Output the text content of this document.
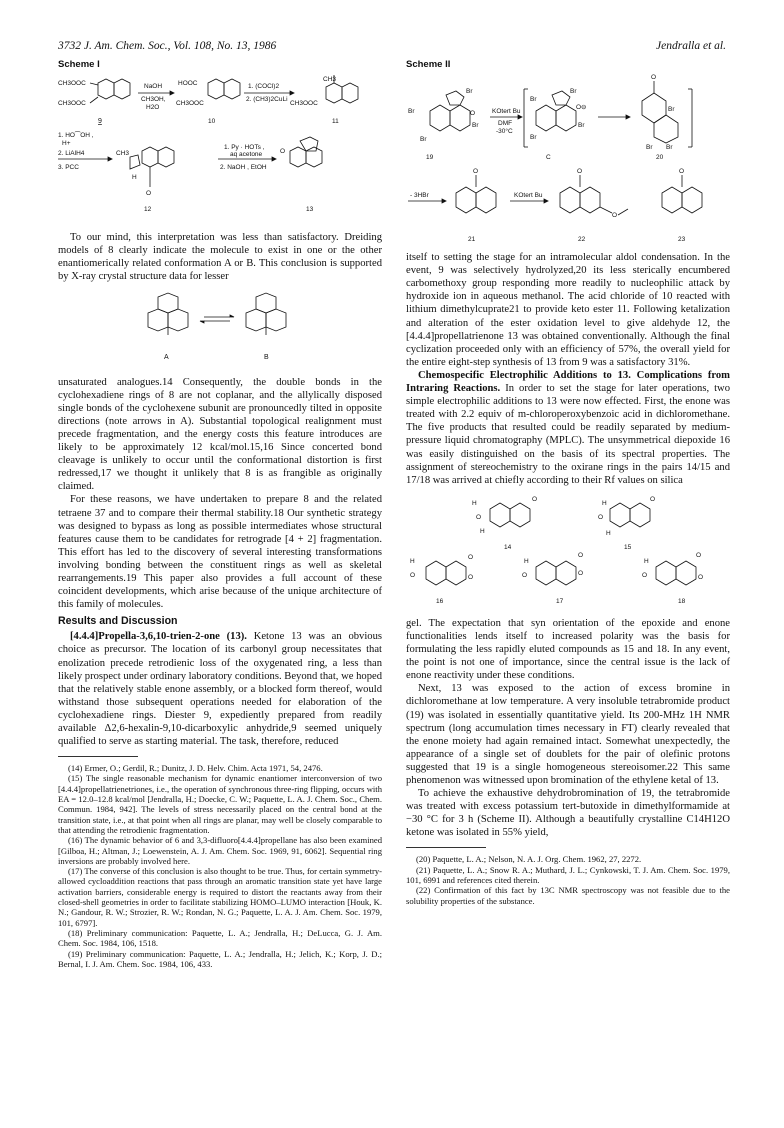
3732 J. Am. Chem. Soc., Vol. 108, No. 13, 1986	Jendralla et al.
Scheme I
CH3OOC
CH3OOC
NaOH
CH3OH,
H2O
HOOC
CH3OOC
1. (COCl)2
2. (CH3)2CuLi
CH3
CH3OOC
9	10	11
1. HO⁀OH ,
H+
2. LiAlH4
3. PCC
CH3
H
O
1. Py · HOTs ,
aq acetone
2. NaOH , EtOH
O
12	13

To our mind, this interpretation was less than satisfactory. Dreiding models of 8 clearly indicate the molecule to exist in one or the other enantiomerically related conformation A or B. This conclusion is supported by X-ray crystal structure data for lesser

A	B

unsaturated analogues.14 Consequently, the double bonds in the cyclohexadiene rings of 8 are not coplanar, and the allylically disposed single bonds of the cyclohexene subunit are pronouncedly tilted in opposite directions (note arrows in A). Substantial topological realignment must precede fragmentation, and the energy costs this feature introduces are likely to be approximately 12 kcal/mol.15,16 Since concerted bond cleavage is unlikely to occur until the conformational distortion is first redressed,17 we thought it unlikely that 8 is as frangible as originally claimed.

For these reasons, we have undertaken to prepare 8 and the related tetraene 37 and to compare their thermal stability.18 Our synthetic strategy was designed to bypass as long as possible intermediates whose structural features cause them to be candidates for retrograde [4 + 2] fragmentation. This effort has led to the discovery of several interesting transformations involving bonding between the constituent rings as well as skeletal rearrangements.19 This paper also provides a full account of these coincident developments, which arise because of the unique architecture of this family of molecules.

Results and Discussion

[4.4.4]Propella-3,6,10-trien-2-one (13). Ketone 13 was an obvious choice as precursor. The location of its carbonyl group necessitates that enolization precede retrodienic loss of the oxygenated ring, a less than likely prospect under ordinary laboratory conditions. Beyond that, we hoped that the relatively stable enone assembly, or a blocked form thereof, would withstand those subsequent operations needed for elaboration of the cyclohexadiene rings. Diester 9, expediently prepared from readily available Δ2,6-hexalin-9,10-dicarboxylic anhydride,9 seemed uniquely qualified to serve as starting material. The task, therefore, reduced

(14) Ermer, O.; Gerdil, R.; Dunitz, J. D. Helv. Chim. Acta 1971, 54, 2476.

(15) The single reasonable mechanism for dynamic enantiomer interconversion of two [4.4.4]propellatrienetriones, i.e., the operation of synchronous three-ring flipping, occurs with EA = 12.0–12.8 kcal/mol [Jendralla, H.; Doecke, C. W.; Paquette, L. A. J. Chem. Soc., Chem. Commun. 1984, 942]. The levels of stress necessarily placed on the central bond at the transition state, i.e., at that point when all rings are planar, may well be closely comparable to that attending the retrodienic fragmentation.

(16) The dynamic behavior of 6 and 3,3-difluoro[4.4.4]propellane has also been examined [Gilboa, H.; Altman, J.; Loewenstein, A. J. Am. Chem. Soc. 1969, 91, 6062]. Sequential ring inversions are probably involved here.

(17) The converse of this conclusion is also thought to be true. Thus, for certain symmetry-allowed cycloaddition reactions that pass through an aromatic transition state yet have large activation barriers, considerable energy is required to distort the reactants away from their closed-shell geometries in order to facilitate stabilizing HOMO–LUMO interaction [Houk, K. N.; Gandour, R. W.; Strozier, R. W.; Rondan, N. G.; Paquette, L. A. J. Am. Chem. Soc. 1979, 101, 6797].

(18) Preliminary communication: Paquette, L. A.; Jendralla, H.; DeLucca, G. J. Am. Chem. Soc. 1984, 106, 1518.

(19) Preliminary communication: Paquette, L. A.; Jendralla, H.; Jelich, K.; Korp, J. D.; Bernal, I. J. Am. Chem. Soc. 1984, 106, 433.

Scheme II
Br
Br
Br
Br
O	KOtert Bu
DMF
-30°C
Br
Br
Br
Br
O⊖
O
Br
Br Br
19	C	20
- 3HBr
O
KOtert Bu
O
O
O
21	22	23

itself to setting the stage for an intramolecular aldol condensation. In the event, 9 was selectively hydrolyzed,20 its less sterically encumbered carbomethoxy group responding more readily to nucleophilic attack by hydroxide ion in aqueous methanol. The acid chloride of 10 reacted with lithium dimethylcuprate21 to provide keto ester 11. Following ketalization and alteration of the ester oxidation level to give aldehyde 12, the [4.4.4]propellatrienone 13 was obtained conventionally. Although the final cyclization proceeded only with an efficiency of 57%, the overall yield for the entire eight-step synthesis of 13 from 9 was a satisfactory 31%.

Chemospecific Electrophilic Additions to 13. Complications from Intraring Reactions. In order to set the stage for later operations, two simple electrophilic additions to 13 were now effected. First, the enone was treated with 2.2 equiv of m-chloroperoxybenzoic acid in dichloromethane. The five products that resulted could be readily separated by medium-pressure liquid chromatography (MPLC). The unsymmetrical diepoxide 16 was easily distinguished on the basis of its spectral properties. The assignment of stereochemistry to the oxirane rings in the pairs 14/15 and 17/18 was arrived at chiefly according to their Rf values on silica

H
O
H
O
H
O
H
O
14	15
H
O	O
O
H
O	O
O
H
O	O
O
16	17	18

gel. The expectation that syn orientation of the epoxide and enone functionalities lends itself to increased polarity was the basis for formulating the less rapidly eluted compounds as 15 and 18. In any event, the point is not one of importance, since the central issue is the lack of enone reactivity under these conditions.

Next, 13 was exposed to the action of excess bromine in dichloromethane at low temperature. A very insoluble tetrabromide product (19) was isolated in essentially quantitative yield. Its 200-MHz 1H NMR spectrum (long accumulation times necessary in FT) clearly revealed that the enone moiety had again remained intact. Somewhat unexpectedly, the appearance of a single set of doublets for the pair of olefinic protons suggested that 19 is a single homogeneous stereoisomer.22 This same phenomenon was witnessed upon bromination of the ethylene ketal of 13.

To achieve the exhaustive dehydrobromination of 19, the tetrabromide was treated with excess potassium tert-butoxide in dimethylformamide at −30 °C for 3 h (Scheme II). Although a beautifully crystalline C14H12O ketone was isolated in 55% yield,

(20) Paquette, L. A.; Nelson, N. A. J. Org. Chem. 1962, 27, 2272.

(21) Paquette, L. A.; Snow R. A.; Muthard, J. L.; Cynkowski, T. J. Am. Chem. Soc. 1979, 101, 6991 and references cited therein.

(22) Confirmation of this fact by 13C NMR spectroscopy was not feasible due to the solubility properties of the substance.
